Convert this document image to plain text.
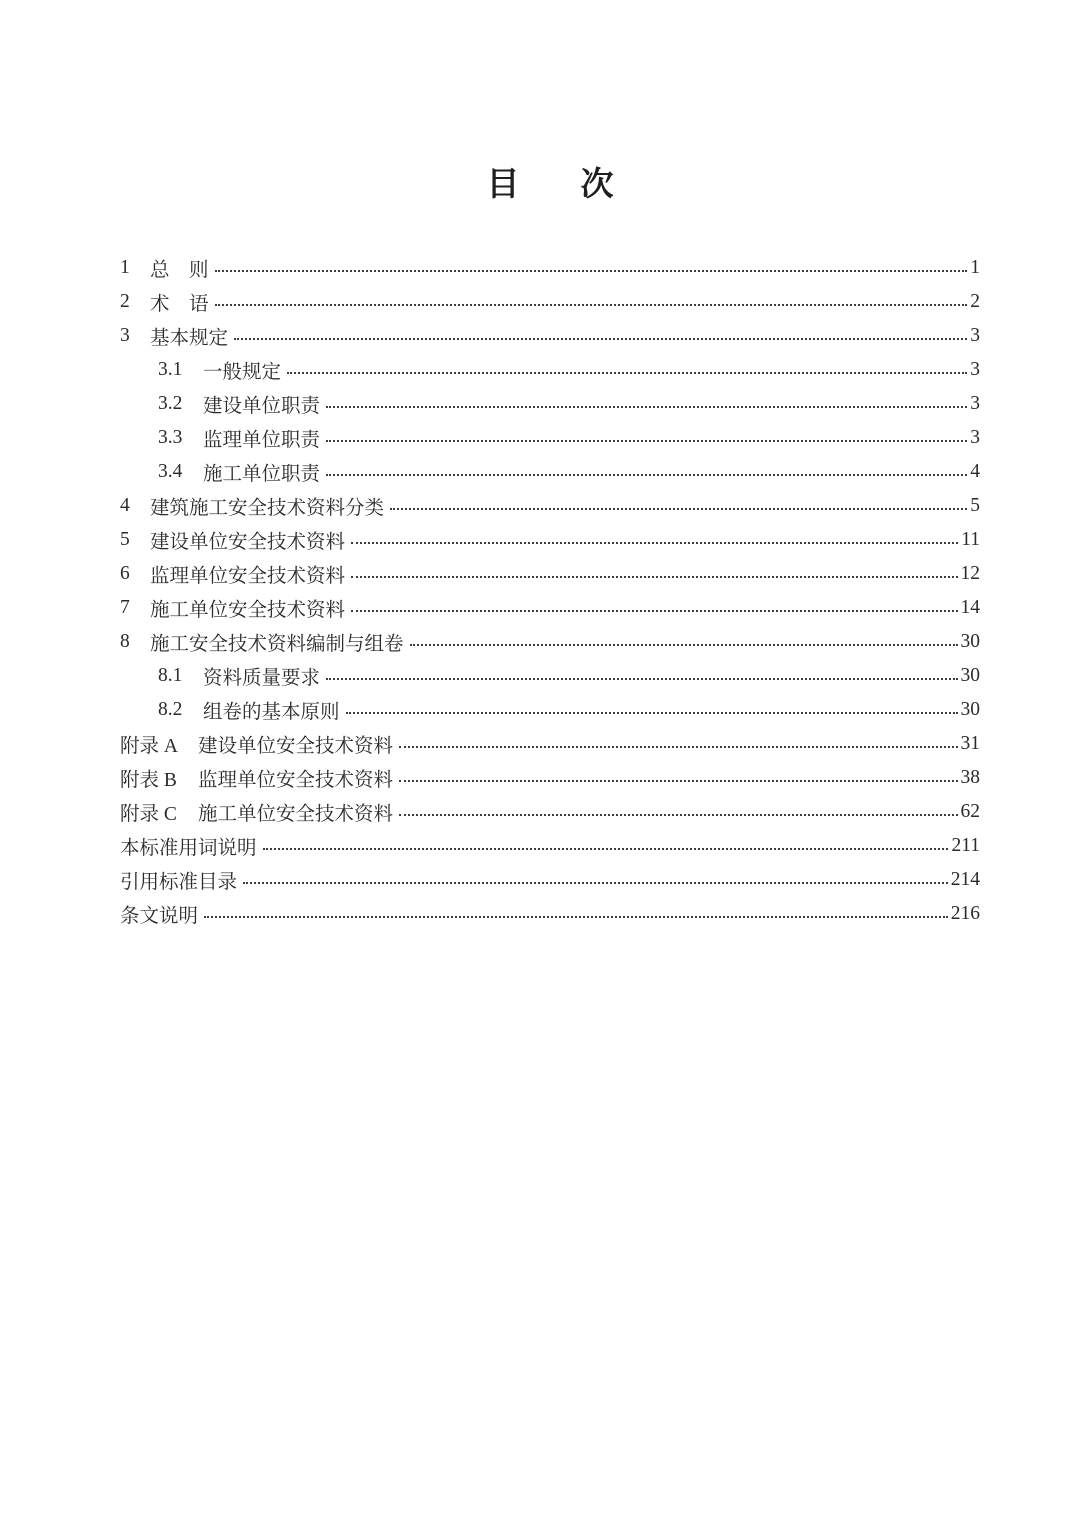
目　次
1	总　则	1
2	术　语	2
3	基本规定	3
3.1	一般规定	3
3.2	建设单位职责	3
3.3	监理单位职责	3
3.4	施工单位职责	4
4	建筑施工安全技术资料分类	5
5	建设单位安全技术资料	11
6	监理单位安全技术资料	12
7	施工单位安全技术资料	14
8	施工安全技术资料编制与组卷	30
8.1	资料质量要求	30
8.2	组卷的基本原则	30
附录 A	建设单位安全技术资料	31
附表 B	监理单位安全技术资料	38
附录 C	施工单位安全技术资料	62
本标准用词说明	211
引用标准目录	214
条文说明	216
